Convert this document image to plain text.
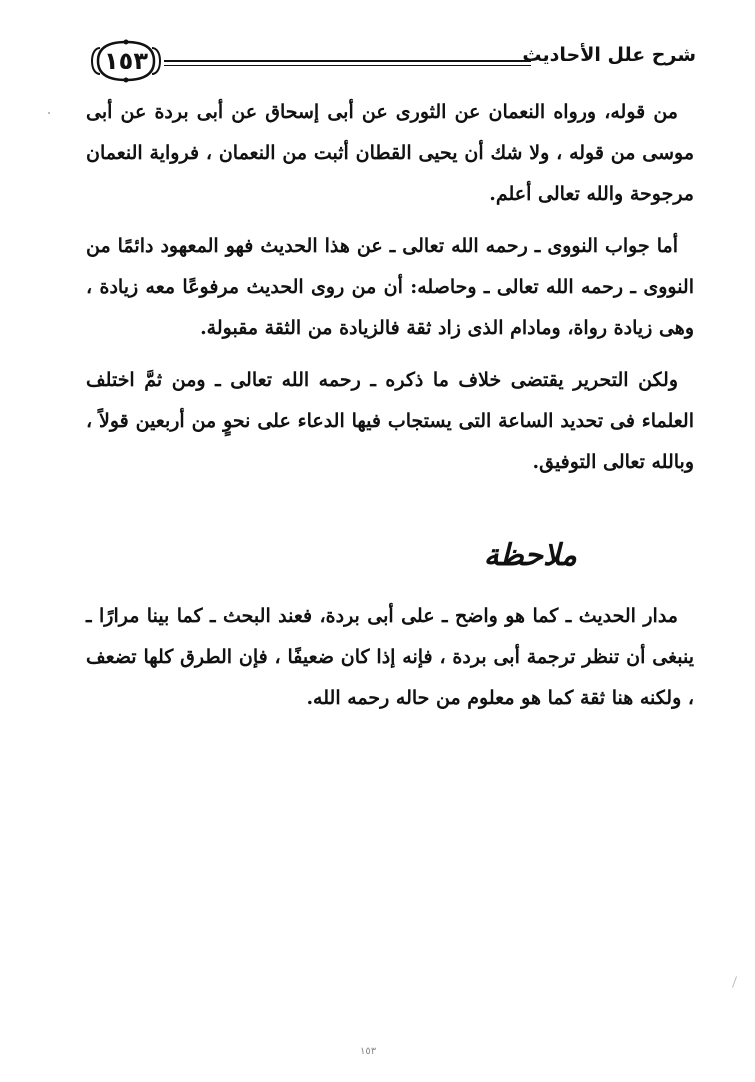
١٥٣	شرح علل الأحاديث

من قوله، ورواه النعمان عن الثورى عن أبى إسحاق عن أبى بردة عن أبى موسى من قوله ، ولا شك أن يحيى القطان أثبت من النعمان ، فرواية النعمان مرجوحة والله تعالى أعلم.

أما جواب النووى ـ رحمه الله تعالى ـ عن هذا الحديث فهو المعهود دائمًا من النووى ـ رحمه الله تعالى ـ وحاصله: أن من روى الحديث مرفوعًا معه زيادة ، وهى زيادة رواة، ومادام الذى زاد ثقة فالزيادة من الثقة مقبولة.

ولكن التحرير يقتضى خلاف ما ذكره ـ رحمه الله تعالى ـ ومن ثمَّ اختلف العلماء فى تحديد الساعة التى يستجاب فيها الدعاء على نحوٍ من أربعين قولاً ، وبالله تعالى التوفيق.

ملاحظة

مدار الحديث ـ كما هو واضح ـ على أبى بردة، فعند البحث ـ كما بينا مرارًا ـ ينبغى أن تنظر ترجمة أبى بردة ، فإنه إذا كان ضعيفًا ، فإن الطرق كلها تضعف ، ولكنه هنا ثقة كما هو معلوم من حاله رحمه الله.

١٥٣
